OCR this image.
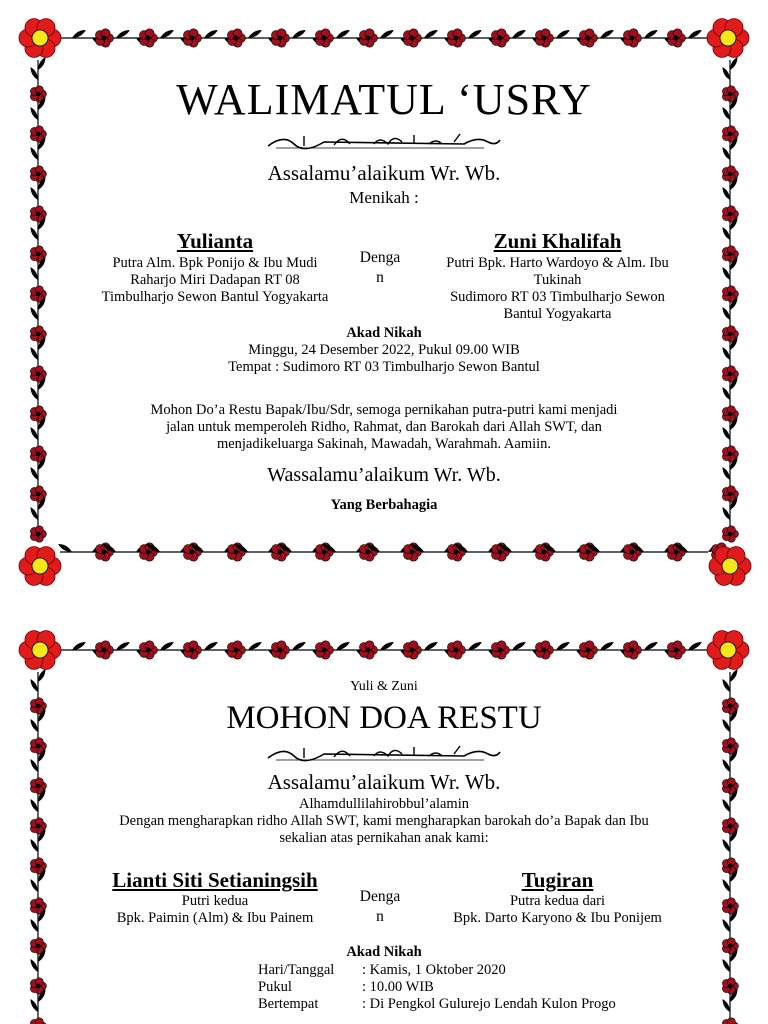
WALIMATUL ‘USRY

Assalamu’alaikum Wr. Wb.

Menikah :

Yulianta
Putra Alm. Bpk Ponijo & Ibu Mudi
Raharjo Miri Dadapan RT 08
Timbulharjo Sewon Bantul Yogyakarta
Denga
n
Zuni Khalifah
Putri Bpk. Harto Wardoyo & Alm. Ibu
Tukinah
Sudimoro RT 03 Timbulharjo Sewon
Bantul Yogyakarta
Akad Nikah
Minggu, 24 Desember 2022, Pukul 09.00 WIB
Tempat : Sudimoro RT 03 Timbulharjo Sewon Bantul
Mohon Do’a Restu Bapak/Ibu/Sdr, semoga pernikahan putra-putri kami menjadi
jalan untuk memperoleh Ridho, Rahmat, dan Barokah dari Allah SWT, dan
menjadikeluarga Sakinah, Mawadah, Warahmah. Aamiin.

Wassalamu’alaikum Wr. Wb.

Yang Berbahagia

Yuli & Zuni

MOHON DOA RESTU

Assalamu’alaikum Wr. Wb.

Alhamdullilahirobbul’alamin
Dengan mengharapkan ridho Allah SWT, kami mengharapkan barokah do’a Bapak dan Ibu
sekalian atas pernikahan anak kami:
Lianti Siti Setianingsih
Putri kedua
Bpk. Paimin (Alm) & Ibu Painem
Denga
n
Tugiran
Putra kedua dari
Bpk. Darto Karyono & Ibu Ponijem
Akad Nikah
Hari/Tanggal	: Kamis, 1 Oktober 2020
Pukul	: 10.00 WIB
Bertempat	: Di Pengkol Gulurejo Lendah Kulon Progo
